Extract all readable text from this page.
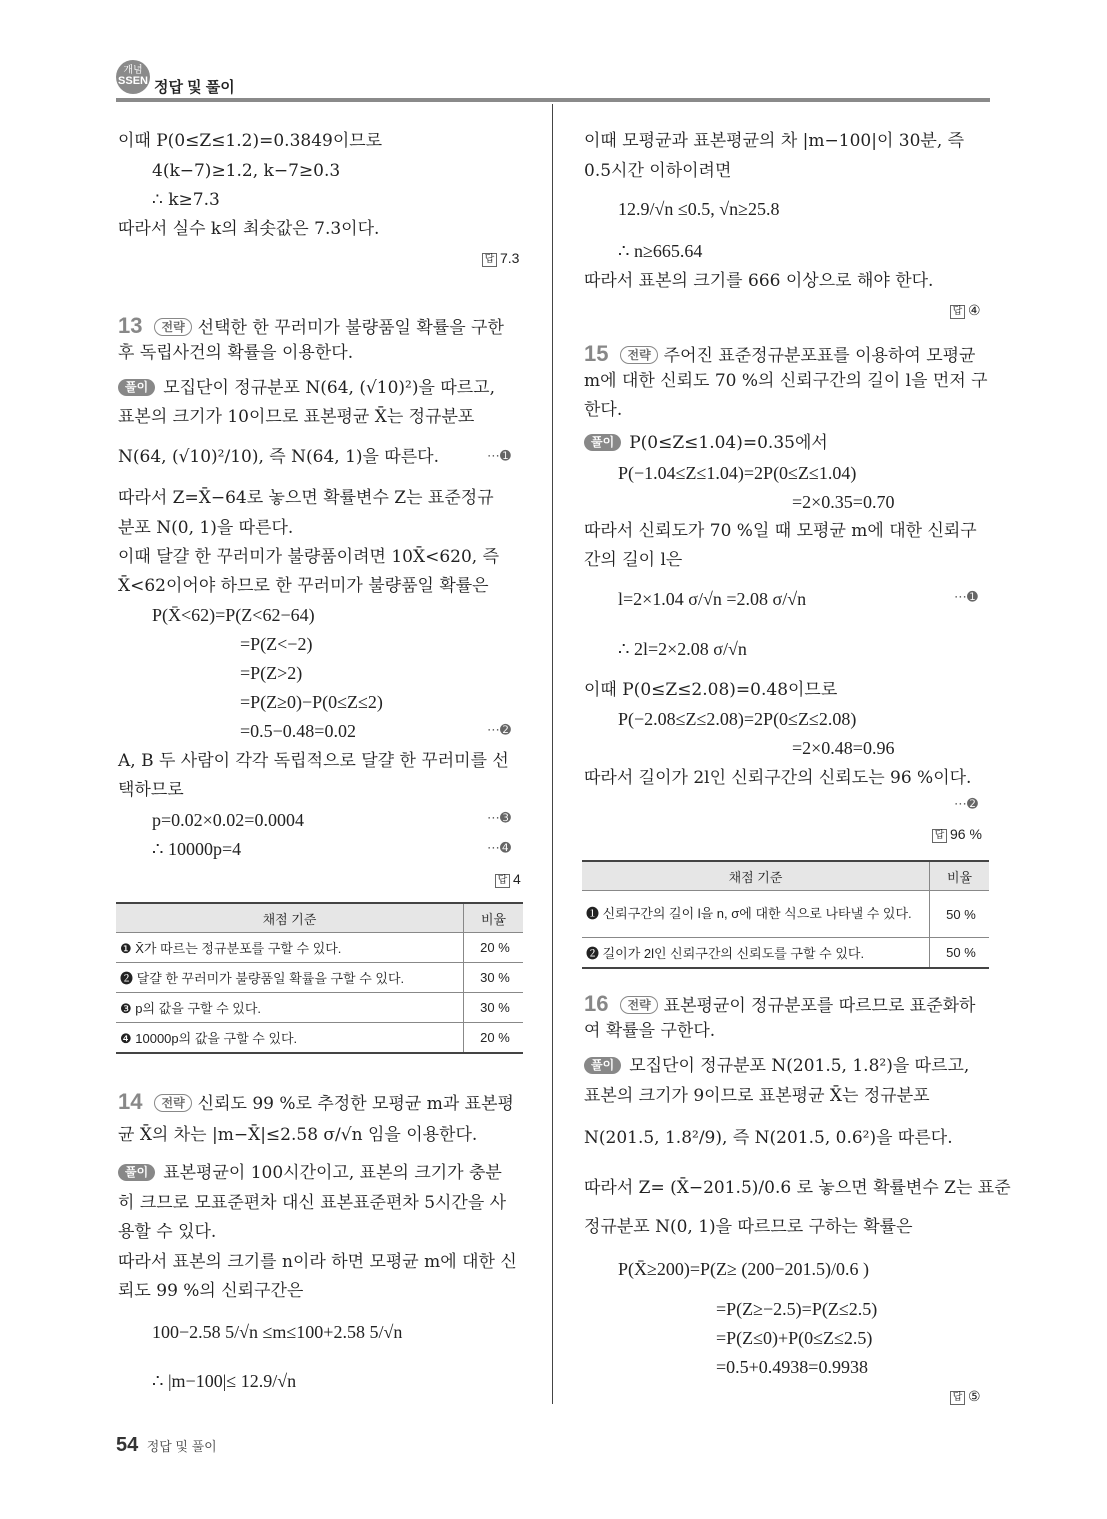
개념
SSEN 정답 및 풀이
이때 P(0≤Z≤1.2)=0.3849이므로
4(k−7)≥1.2, k−7≥0.3
∴ k≥7.3
따라서 실수 k의 최솟값은 7.3이다.
답 7.3
13 전략 선택한 한 꾸러미가 불량품일 확률을 구한
후 독립사건의 확률을 이용한다.
풀이 모집단이 정규분포 N(64, (√10)²)을 따르고,
표본의 크기가 10이므로 표본평균 X̄는 정규분포
N(64, (√10)²/10), 즉 N(64, 1)을 따른다.	⋯➊
따라서 Z=X̄−64로 놓으면 확률변수 Z는 표준정규
분포 N(0, 1)을 따른다.
이때 달걀 한 꾸러미가 불량품이려면 10X̄<620, 즉
X̄<62이어야 하므로 한 꾸러미가 불량품일 확률은
P(X̄<62)=P(Z<62−64)
=P(Z<−2)
=P(Z>2)
=P(Z≥0)−P(0≤Z≤2)
=0.5−0.48=0.02	⋯➋
A, B 두 사람이 각각 독립적으로 달걀 한 꾸러미를 선
택하므로
p=0.02×0.02=0.0004	⋯➌
∴ 10000p=4	⋯➍
답 4
채점 기준	비율
❶ X̄가 따르는 정규분포를 구할 수 있다.	20 %
❷ 달걀 한 꾸러미가 불량품일 확률을 구할 수 있다.	30 %
❸ p의 값을 구할 수 있다.	30 %
❹ 10000p의 값을 구할 수 있다.	20 %
14 전략 신뢰도 99 %로 추정한 모평균 m과 표본평
균 X̄의 차는 |m−X̄|≤2.58 σ/√n 임을 이용한다.
풀이 표본평균이 100시간이고, 표본의 크기가 충분
히 크므로 모표준편차 대신 표본표준편차 5시간을 사
용할 수 있다.
따라서 표본의 크기를 n이라 하면 모평균 m에 대한 신
뢰도 99 %의 신뢰구간은
100−2.58 5/√n ≤m≤100+2.58 5/√n
∴ |m−100|≤ 12.9/√n
이때 모평균과 표본평균의 차 |m−100|이 30분, 즉
0.5시간 이하이려면
12.9/√n ≤0.5, √n≥25.8
∴ n≥665.64
따라서 표본의 크기를 666 이상으로 해야 한다.
답 ④
15 전략 주어진 표준정규분포표를 이용하여 모평균
m에 대한 신뢰도 70 %의 신뢰구간의 길이 l을 먼저 구
한다.
풀이 P(0≤Z≤1.04)=0.35에서
P(−1.04≤Z≤1.04)=2P(0≤Z≤1.04)
=2×0.35=0.70
따라서 신뢰도가 70 %일 때 모평균 m에 대한 신뢰구
간의 길이 l은
l=2×1.04 σ/√n =2.08 σ/√n	⋯➊
∴ 2l=2×2.08 σ/√n
이때 P(0≤Z≤2.08)=0.48이므로
P(−2.08≤Z≤2.08)=2P(0≤Z≤2.08)
=2×0.48=0.96
따라서 길이가 2l인 신뢰구간의 신뢰도는 96 %이다.
⋯➋
답 96 %
채점 기준	비율
❶ 신뢰구간의 길이 l을 n, σ에 대한 식으로 나타낼 수 있다.	50 %
❷ 길이가 2l인 신뢰구간의 신뢰도를 구할 수 있다.	50 %
16 전략 표본평균이 정규분포를 따르므로 표준화하
여 확률을 구한다.
풀이 모집단이 정규분포 N(201.5, 1.8²)을 따르고,
표본의 크기가 9이므로 표본평균 X̄는 정규분포
N(201.5, 1.8²/9), 즉 N(201.5, 0.6²)을 따른다.
따라서 Z= (X̄−201.5)/0.6 로 놓으면 확률변수 Z는 표준
정규분포 N(0, 1)을 따르므로 구하는 확률은
P(X̄≥200)=P(Z≥ (200−201.5)/0.6 )
=P(Z≥−2.5)=P(Z≤2.5)
=P(Z≤0)+P(0≤Z≤2.5)
=0.5+0.4938=0.9938
답 ⑤
54 정답 및 풀이
